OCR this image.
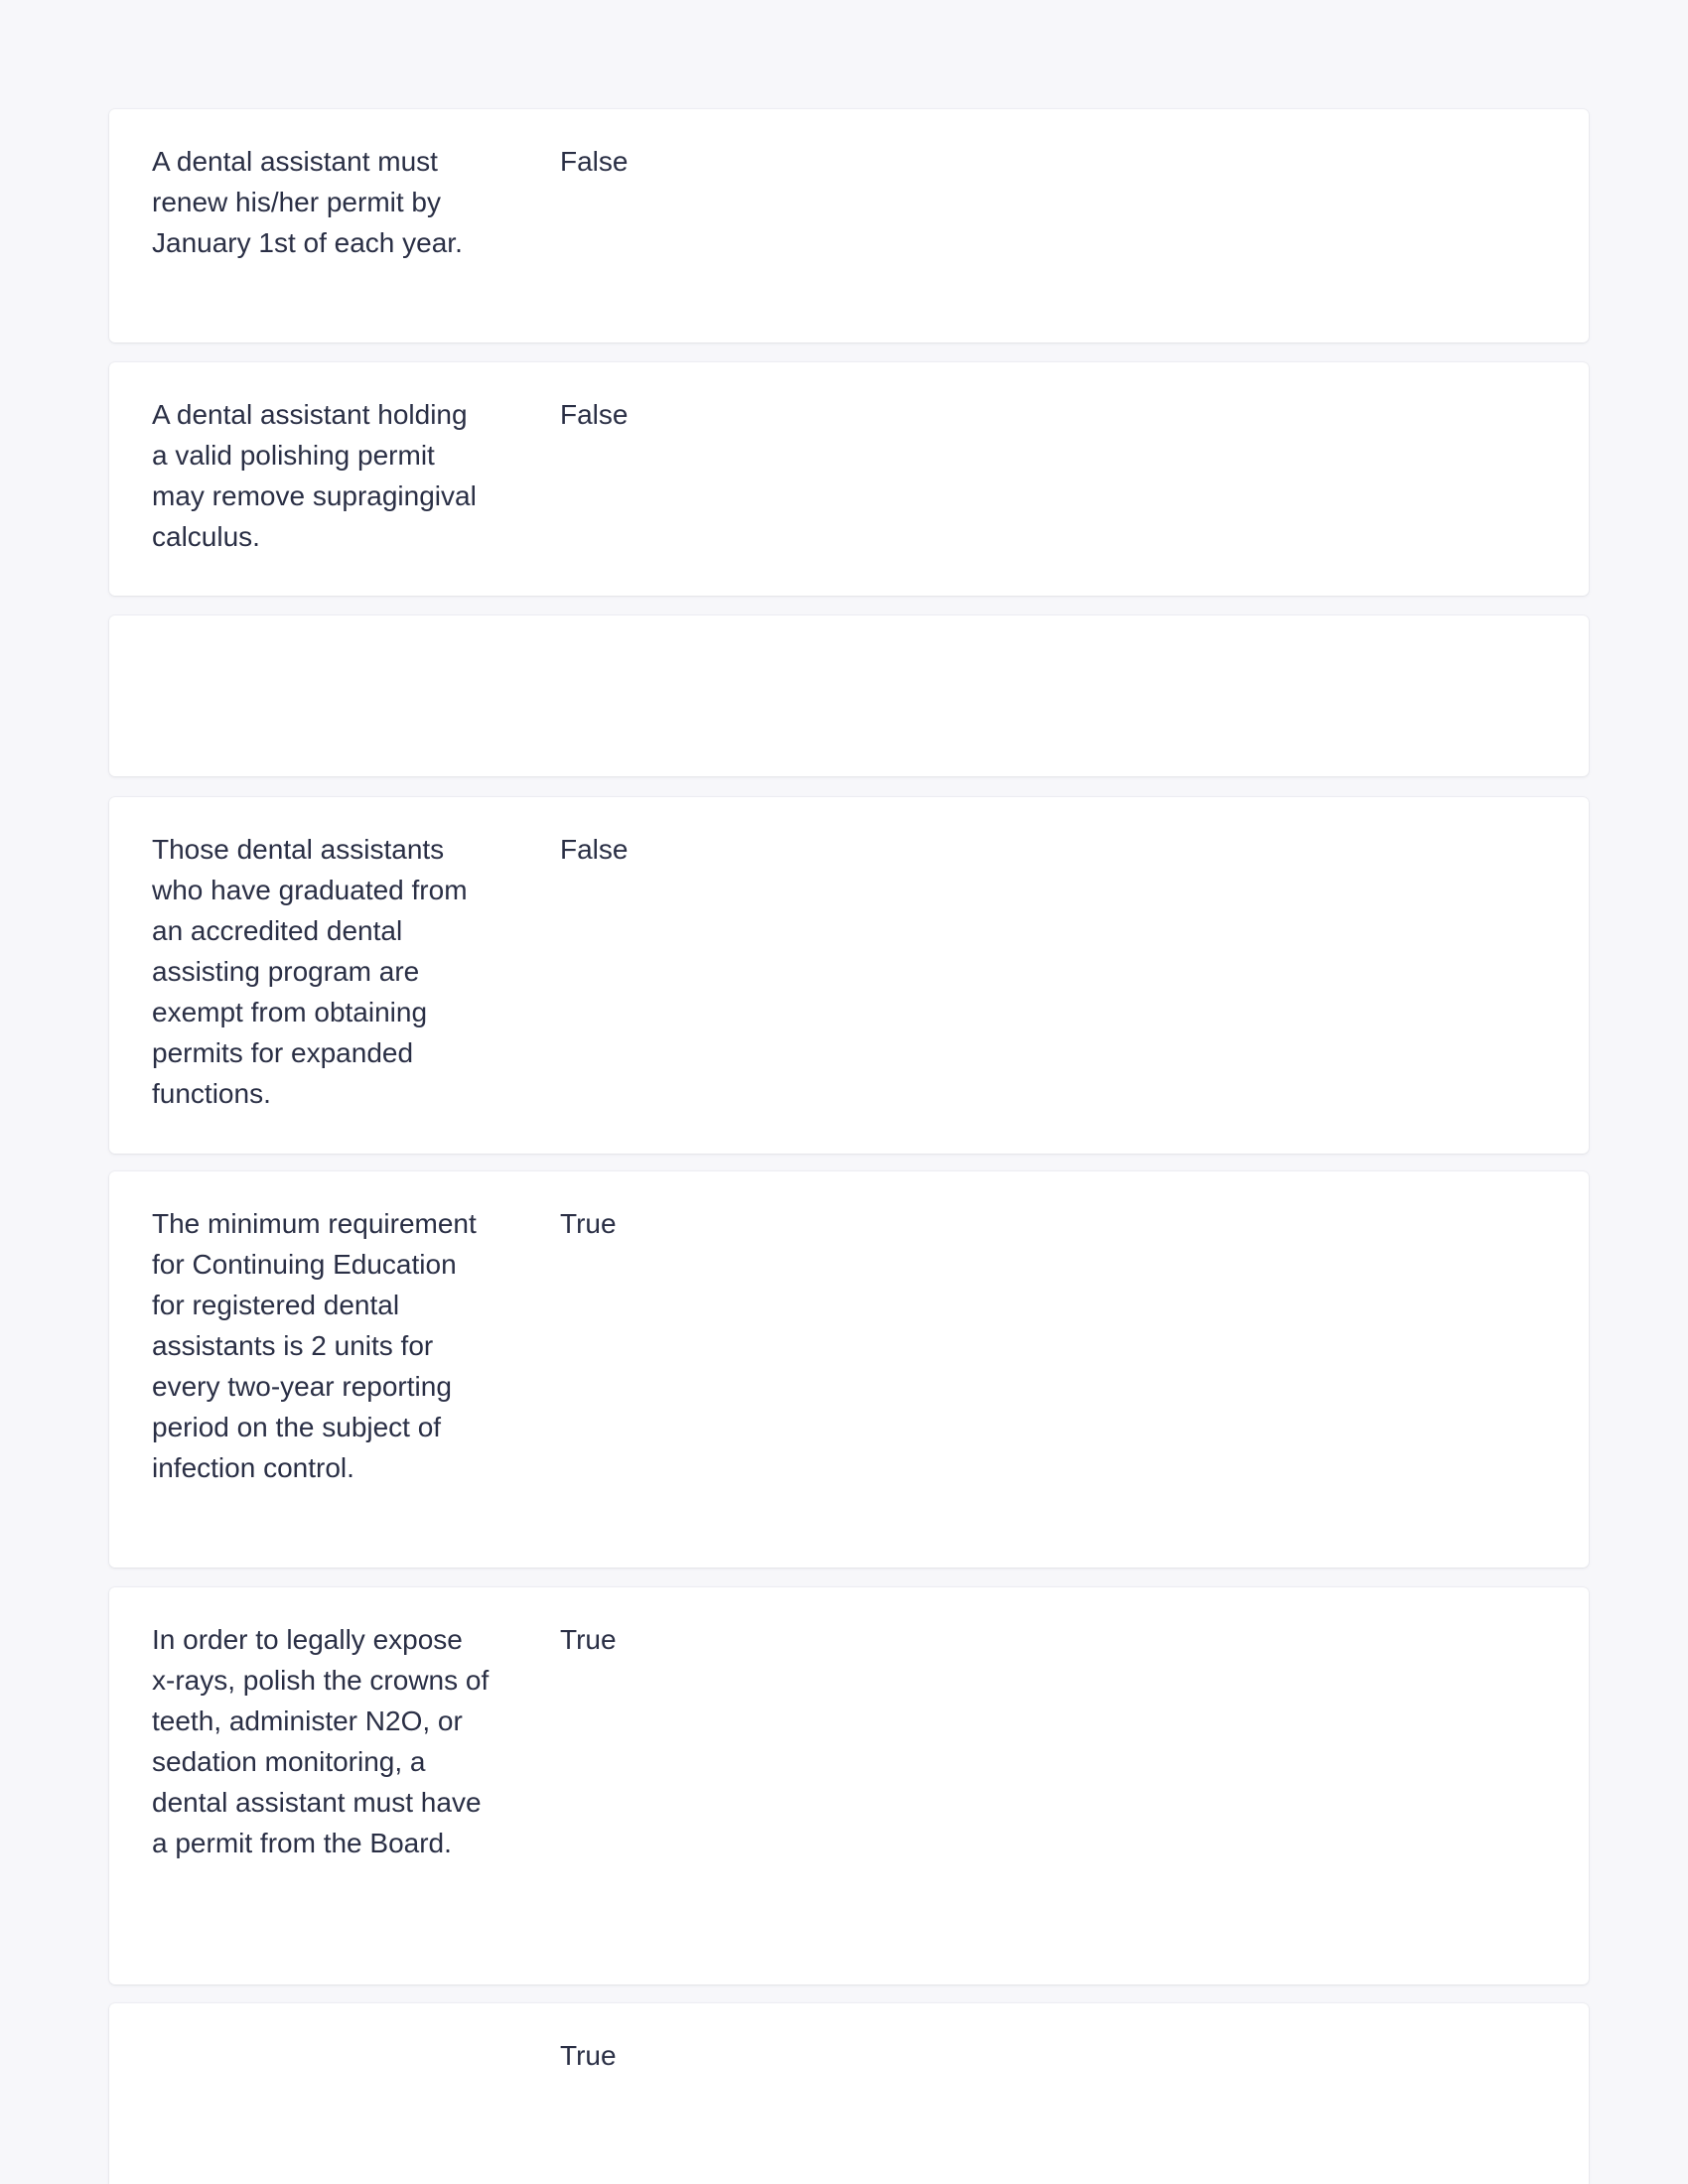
A dental assistant must renew his/her permit by January 1st of each year.
False
A dental assistant holding a valid polishing permit may remove supragingival calculus.
False
Those dental assistants who have graduated from an accredited dental assisting program are exempt from obtaining permits for expanded functions.
False
The minimum requirement for Continuing Education for registered dental assistants is 2 units for every two-year reporting period on the subject of infection control.
True
In order to legally expose x-rays, polish the crowns of teeth, administer N2O, or sedation monitoring, a dental assistant must have a permit from the Board.
True
True
